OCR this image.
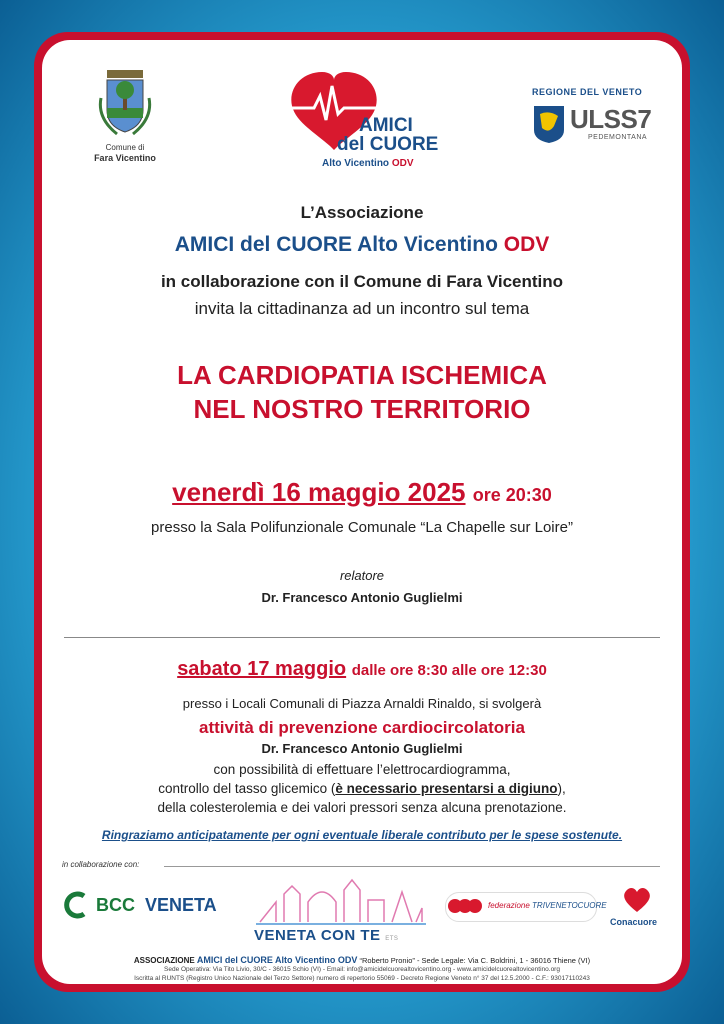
Comune di
Fara Vicentino
AMICI
del CUORE
Alto Vicentino ODV
REGIONE DEL VENETO
ULSS7
PEDEMONTANA
L’Associazione
AMICI del CUORE Alto Vicentino ODV
in collaborazione con il Comune di Fara Vicentino
invita la cittadinanza ad un incontro sul tema
LA CARDIOPATIA ISCHEMICA
NEL NOSTRO TERRITORIO
venerdì 16 maggio 2025 ore 20:30
presso la Sala Polifunzionale Comunale “La Chapelle sur Loire”
relatore
Dr. Francesco Antonio Guglielmi
sabato 17 maggio dalle ore 8:30 alle ore 12:30
presso i Locali Comunali di Piazza Arnaldi Rinaldo, si svolgerà
attività di prevenzione cardiocircolatoria
Dr. Francesco Antonio Guglielmi
con possibilità di effettuare l’elettrocardiogramma,
controllo del tasso glicemico (è necessario presentarsi a digiuno),
della colesterolemia e dei valori pressori senza alcuna prenotazione.
Ringraziamo anticipatamente per ogni eventuale liberale contributo per le spese sostenute.
in collaborazione con:
BCC VENETA
VENETA CON TE ETS
federazione TRIVENETOCUORE
Conacuore
ASSOCIAZIONE AMICI del CUORE Alto Vicentino ODV “Roberto Pronio” - Sede Legale: Via C. Boldrini, 1 - 36016 Thiene (VI)
Sede Operativa: Via Tito Livio, 30/C - 36015 Schio (VI) - Email: info@amicidelcuorealtovicentino.org - www.amicidelcuorealtovicentino.org
Iscritta al RUNTS (Registro Unico Nazionale del Terzo Settore) numero di repertorio 55069 - Decreto Regione Veneto n° 37 del 12.5.2000 - C.F.: 93017110243
